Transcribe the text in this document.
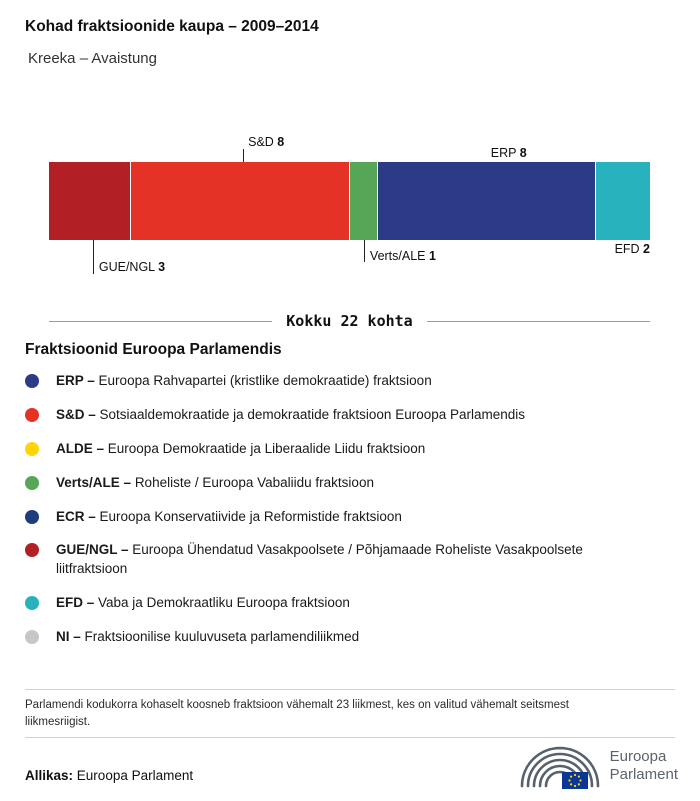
Kohad fraktsioonide kaupa – 2009–2014
Kreeka – Avaistung
S&D 8
ERP 8
GUE/NGL 3
Verts/ALE 1	EFD 2
Kokku 22 kohta
Fraktsioonid Euroopa Parlamendis
ERP – Euroopa Rahvapartei (kristlike demokraatide) fraktsioon
S&D – Sotsiaaldemokraatide ja demokraatide fraktsioon Euroopa Parlamendis
ALDE – Euroopa Demokraatide ja Liberaalide Liidu fraktsioon
Verts/ALE – Roheliste / Euroopa Vabaliidu fraktsioon
ECR – Euroopa Konservatiivide ja Reformistide fraktsioon
GUE/NGL – Euroopa Ühendatud Vasakpoolsete / Põhjamaade Roheliste Vasakpoolsete liitfraktsioon
EFD – Vaba ja Demokraatliku Euroopa fraktsioon
NI – Fraktsioonilise kuuluvuseta parlamendiliikmed
Parlamendi kodukorra kohaselt koosneb fraktsioon vähemalt 23 liikmest, kes on valitud vähemalt seitsmest liikmesriigist.
Allikas: Euroopa Parlament
Euroopa
Parlament
